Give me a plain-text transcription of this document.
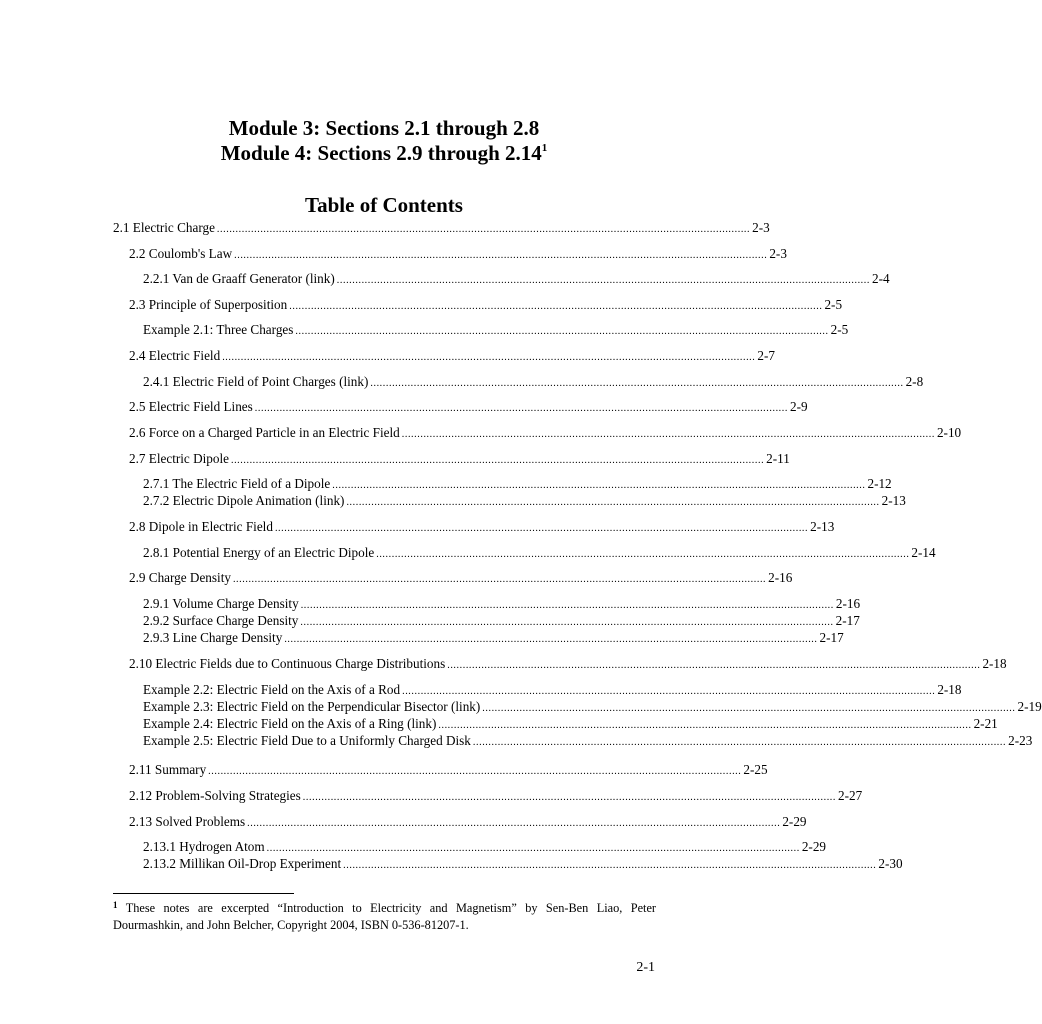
Module 3: Sections 2.1 through 2.8
Module 4: Sections 2.9 through 2.14$^1$
Table of Contents
2.1 Electric Charge ............................................................................................................................................................................ 2-3
2.2 Coulomb's Law ............................................................................................................................................................................ 2-3
2.2.1 Van de Graaff Generator (link) ............................................................................................................................................................................ 2-4
2.3 Principle of Superposition ............................................................................................................................................................................ 2-5
Example 2.1: Three Charges ............................................................................................................................................................................ 2-5
2.4 Electric Field ............................................................................................................................................................................ 2-7
2.4.1 Electric Field of Point Charges (link) ............................................................................................................................................................................ 2-8
2.5 Electric Field Lines ............................................................................................................................................................................ 2-9
2.6 Force on a Charged Particle in an Electric Field ............................................................................................................................................................................ 2-10
2.7 Electric Dipole ............................................................................................................................................................................ 2-11
2.7.1 The Electric Field of a Dipole ............................................................................................................................................................................ 2-12
2.7.2 Electric Dipole Animation (link) ............................................................................................................................................................................ 2-13
2.8 Dipole in Electric Field ............................................................................................................................................................................ 2-13
2.8.1 Potential Energy of an Electric Dipole ............................................................................................................................................................................ 2-14
2.9 Charge Density ............................................................................................................................................................................ 2-16
2.9.1 Volume Charge Density ............................................................................................................................................................................ 2-16
2.9.2 Surface Charge Density ............................................................................................................................................................................ 2-17
2.9.3 Line Charge Density ............................................................................................................................................................................ 2-17
2.10 Electric Fields due to Continuous Charge Distributions ............................................................................................................................................................................ 2-18
Example 2.2: Electric Field on the Axis of a Rod ............................................................................................................................................................................ 2-18
Example 2.3: Electric Field on the Perpendicular Bisector (link) ............................................................................................................................................................................ 2-19
Example 2.4: Electric Field on the Axis of a Ring (link) ............................................................................................................................................................................ 2-21
Example 2.5: Electric Field Due to a Uniformly Charged Disk ............................................................................................................................................................................ 2-23
2.11 Summary ............................................................................................................................................................................ 2-25
2.12 Problem-Solving Strategies ............................................................................................................................................................................ 2-27
2.13 Solved Problems ............................................................................................................................................................................ 2-29
2.13.1 Hydrogen Atom ............................................................................................................................................................................ 2-29
2.13.2 Millikan Oil-Drop Experiment ............................................................................................................................................................................ 2-30
$^1$ These notes are excerpted “Introduction to Electricity and Magnetism” by Sen-Ben Liao, Peter Dourmashkin, and John Belcher, Copyright 2004, ISBN 0-536-81207-1.
2-1
